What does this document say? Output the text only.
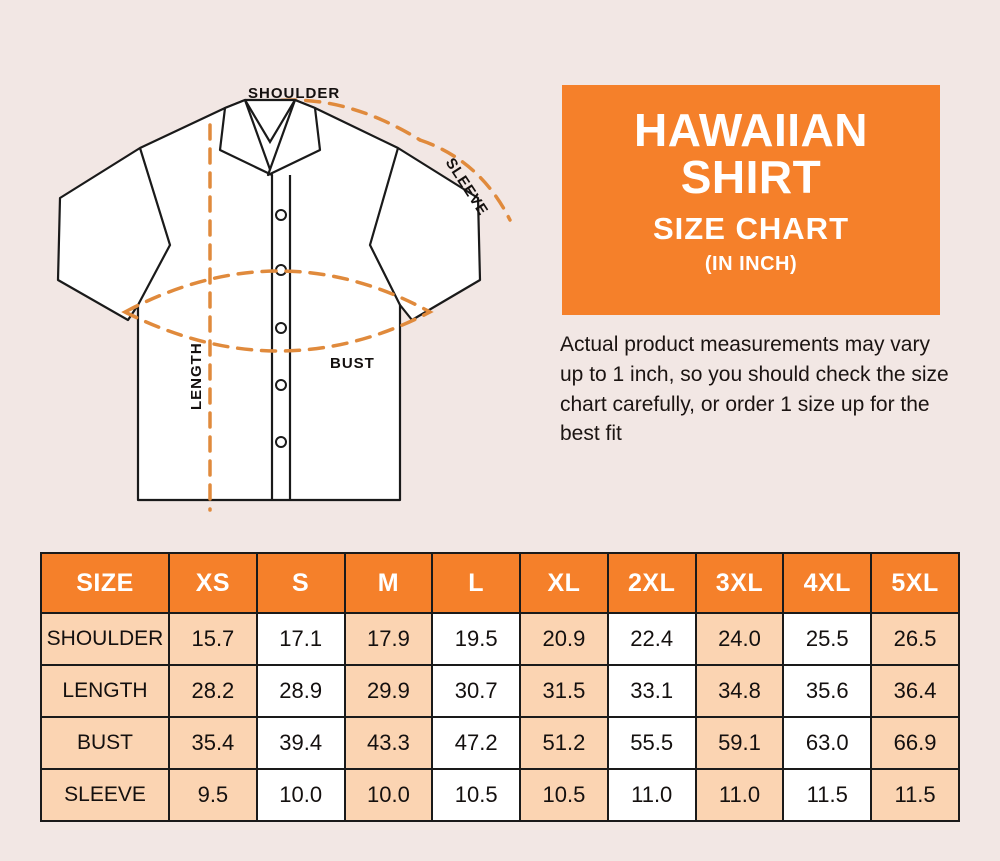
SHOULDER
SLEEVE
BUST
LENGTH
HAWAIIAN
SHIRT
SIZE CHART
(IN INCH)
Actual product measurements may vary up to 1 inch, so you should check the size chart carefully, or order 1 size up for the best fit
SIZE	XS	S	M	L	XL	2XL	3XL	4XL	5XL
SHOULDER	15.7	17.1	17.9	19.5	20.9	22.4	24.0	25.5	26.5
LENGTH	28.2	28.9	29.9	30.7	31.5	33.1	34.8	35.6	36.4
BUST	35.4	39.4	43.3	47.2	51.2	55.5	59.1	63.0	66.9
SLEEVE	9.5	10.0	10.0	10.5	10.5	11.0	11.0	11.5	11.5
